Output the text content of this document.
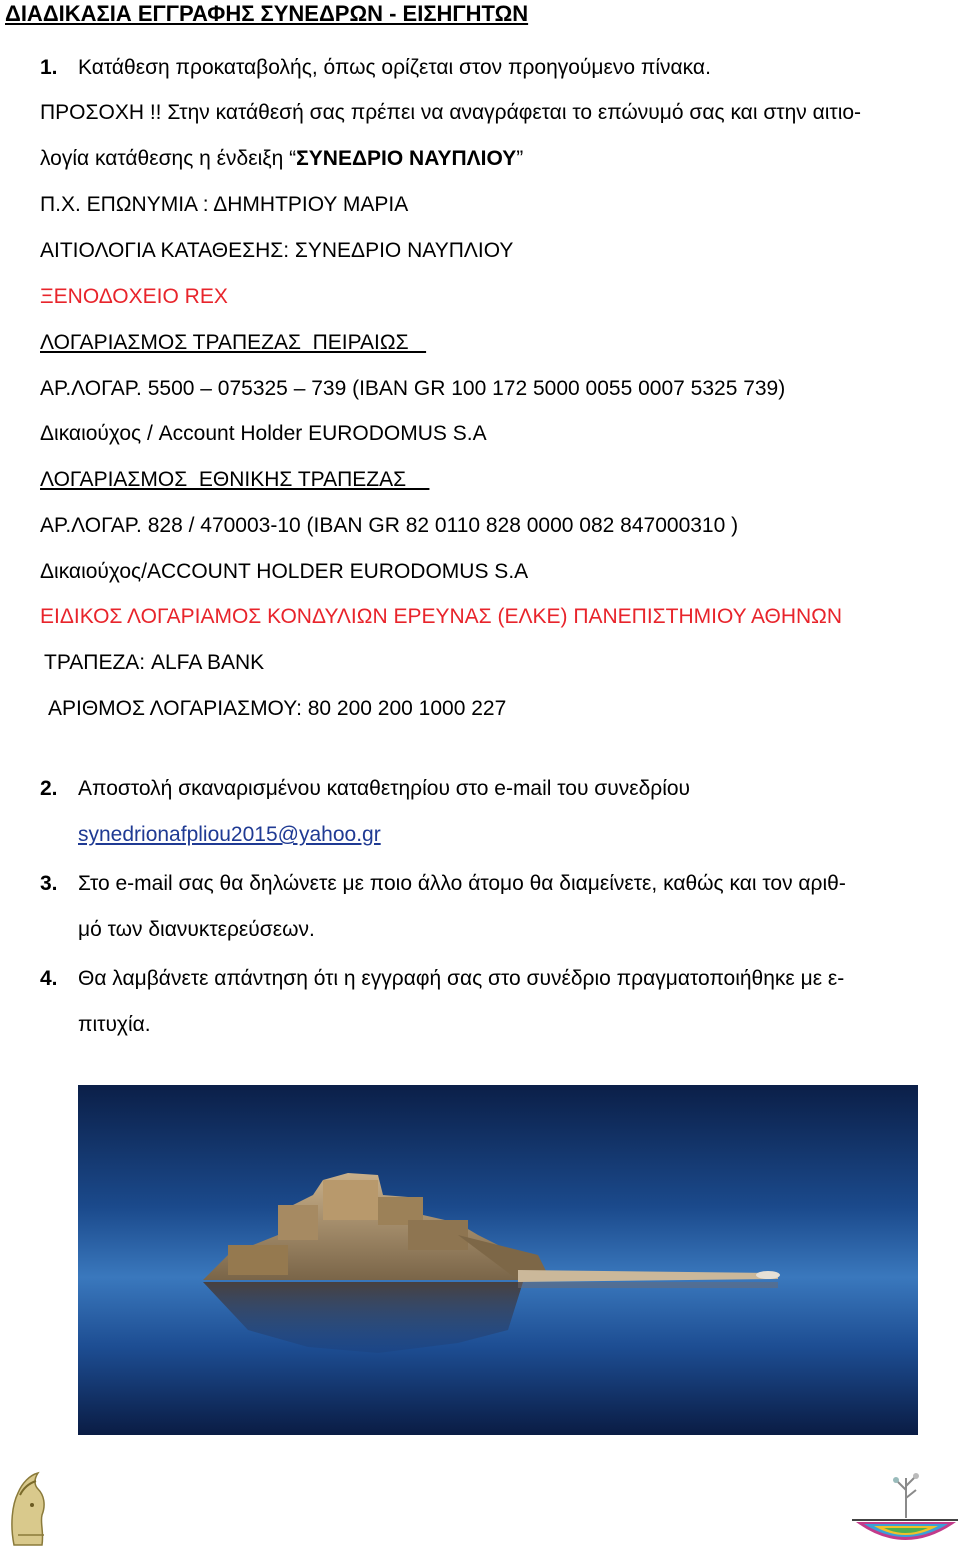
ΔΙΑΔΙΚΑΣΙΑ ΕΓΓΡΑΦΗΣ ΣΥΝΕΔΡΩΝ - ΕΙΣΗΓΗΤΩΝ
1. Κατάθεση προκαταβολής, όπως ορίζεται στον προηγούμενο πίνακα.
ΠΡΟΣΟΧΗ !! Στην κατάθεσή σας πρέπει να αναγράφεται το επώνυμό σας και στην αιτιο-
λογία κατάθεσης η ένδειξη “ΣΥΝΕΔΡΙΟ ΝΑΥΠΛΙΟΥ”
Π.Χ. ΕΠΩΝΥΜΙΑ : ΔΗΜΗΤΡΙΟΥ ΜΑΡΙΑ
ΑΙΤΙΟΛΟΓΙΑ ΚΑΤΑΘΕΣΗΣ: ΣΥΝΕΔΡΙΟ ΝΑΥΠΛΙΟΥ
ΞΕΝΟΔΟΧΕΙΟ REX
ΛΟΓΑΡΙΑΣΜΟΣ ΤΡΑΠΕΖΑΣ  ΠΕΙΡΑΙΩΣ
ΑΡ.ΛΟΓΑΡ. 5500 – 075325 – 739 (IBAN GR 100 172 5000 0055 0007 5325 739)
Δικαιούχος / Account Holder EURODOMUS S.A
ΛΟΓΑΡΙΑΣΜΟΣ  ΕΘΝΙΚΗΣ ΤΡΑΠΕΖΑΣ
ΑΡ.ΛΟΓΑΡ. 828 / 470003-10 (IBAN GR 82 0110 828 0000 082 847000310 )
Δικαιούχος/ACCOUNT HOLDER EURODOMUS S.A
ΕΙΔΙΚΟΣ ΛΟΓΑΡΙΑΜΟΣ ΚΟΝΔΥΛΙΩΝ ΕΡΕΥΝΑΣ (ΕΛΚΕ) ΠΑΝΕΠΙΣΤΗΜΙΟΥ ΑΘΗΝΩΝ
ΤΡΑΠΕΖΑ: ALFA BANK
ΑΡΙΘΜΟΣ ΛΟΓΑΡΙΑΣΜΟΥ: 80 200 200 1000 227
2. Αποστολή σκαναρισμένου καταθετηρίου στο e-mail του συνεδρίου
synedrionafpliou2015@yahoo.gr
3. Στο e-mail σας θα δηλώνετε με ποιο άλλο άτομο θα διαμείνετε, καθώς και τον αριθ-
μό των διανυκτερεύσεων.
4. Θα λαμβάνετε απάντηση ότι η εγγραφή σας στο συνέδριο πραγματοποιήθηκε με ε-
πιτυχία.
